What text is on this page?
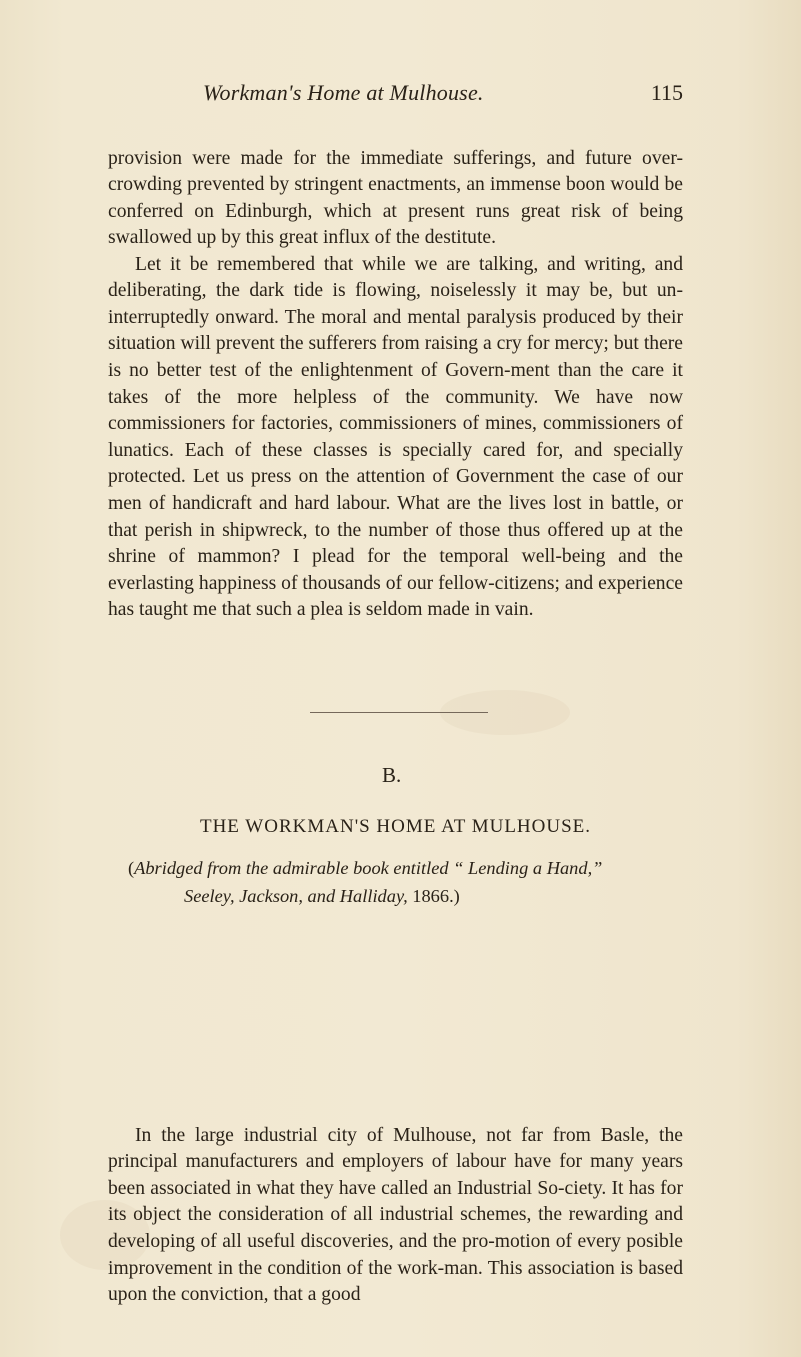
Workman's Home at Mulhouse.	115

provision were made for the immediate sufferings, and future over-crowding prevented by stringent enactments, an immense boon would be conferred on Edinburgh, which at present runs great risk of being swallowed up by this great influx of the destitute.

Let it be remembered that while we are talking, and writing, and deliberating, the dark tide is flowing, noiselessly it may be, but un-interruptedly onward. The moral and mental paralysis produced by their situation will prevent the sufferers from raising a cry for mercy; but there is no better test of the enlightenment of Govern-ment than the care it takes of the more helpless of the community. We have now commissioners for factories, commissioners of mines, commissioners of lunatics. Each of these classes is specially cared for, and specially protected. Let us press on the attention of Government the case of our men of handicraft and hard labour. What are the lives lost in battle, or that perish in shipwreck, to the number of those thus offered up at the shrine of mammon? I plead for the temporal well-being and the everlasting happiness of thousands of our fellow-citizens; and experience has taught me that such a plea is seldom made in vain.

B.
THE WORKMAN'S HOME AT MULHOUSE.
(Abridged from the admirable book entitled “ Lending a Hand,”
Seeley, Jackson, and Halliday, 1866.)

In the large industrial city of Mulhouse, not far from Basle, the principal manufacturers and employers of labour have for many years been associated in what they have called an Industrial So-ciety. It has for its object the consideration of all industrial schemes, the rewarding and developing of all useful discoveries, and the pro-motion of every posible improvement in the condition of the work-man. This association is based upon the conviction, that a good
